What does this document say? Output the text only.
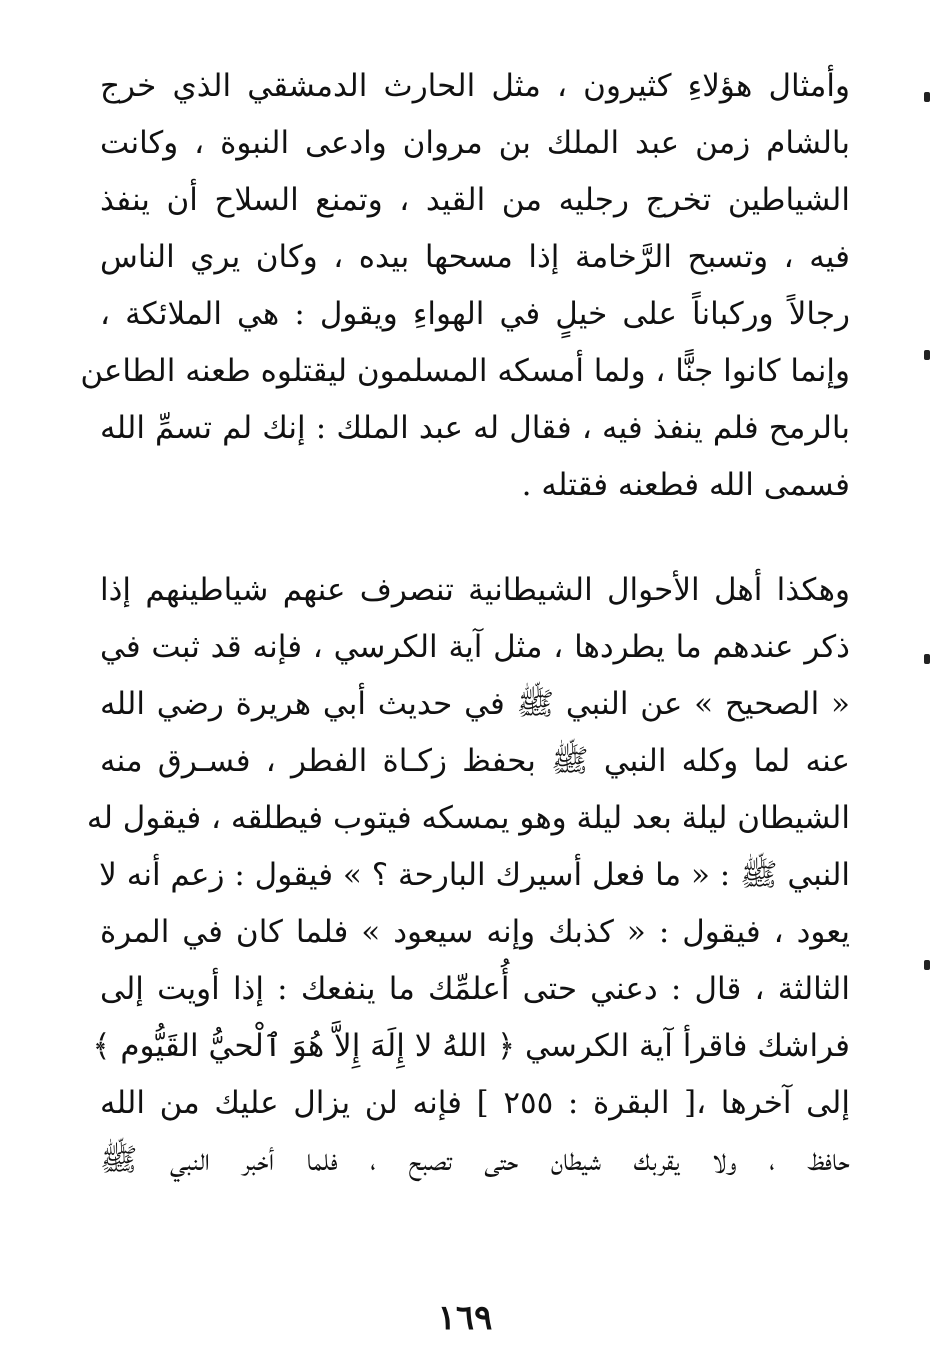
وأمثال هؤلاءِ كثيرون ، مثل الحارث الدمشقي الذي خرج
بالشام زمن عبد الملك بن مروان وادعى النبوة ، وكانت
الشياطين تخرج رجليه من القيد ، وتمنع السلاح أن ينفذ
فيه ، وتسبح الرَّخامة إذا مسحها بيده ، وكان يري الناس
رجالاً وركباناً على خيلٍ في الهواءِ ويقول : هي الملائكة ،
وإنما كانوا جنًّا ، ولما أمسكه المسلمون ليقتلوه طعنه الطاعن
بالرمح فلم ينفذ فيه ، فقال له عبد الملك : إنك لم تسمِّ الله
فسمى الله فطعنه فقتله .
وهكذا أهل الأحوال الشيطانية تنصرف عنهم شياطينهم إذا
ذكر عندهم ما يطردها ، مثل آية الكرسي ، فإنه قد ثبت في
« الصحيح » عن النبي ﷺ في حديث أبي هريرة رضي الله
عنه لما وكله النبي ﷺ بحفظ زكـاة الفطر ، فسـرق منه
الشيطان ليلة بعد ليلة وهو يمسكه فيتوب فيطلقه ، فيقول له
النبي ﷺ : « ما فعل أسيرك البارحة ؟ » فيقول : زعم أنه لا
يعود ، فيقول : « كذبك وإنه سيعود » فلما كان في المرة
الثالثة ، قال : دعني حتى أُعلمِّك ما ينفعك : إذا أويت إلى
فراشك فاقرأ آية الكرسي ﴿ اللهُ لا إِلَهَ إِلاَّ هُوَ ٱلْحيُّ القَيُّوم ﴾
إلى آخرها ،[ البقرة : ٢٥٥ ] فإنه لن يزال عليك من الله
حافظ ، ولا يقربك شيطان حتى تصبح ، فلما أخبر النبي ﷺ
١٦٩
